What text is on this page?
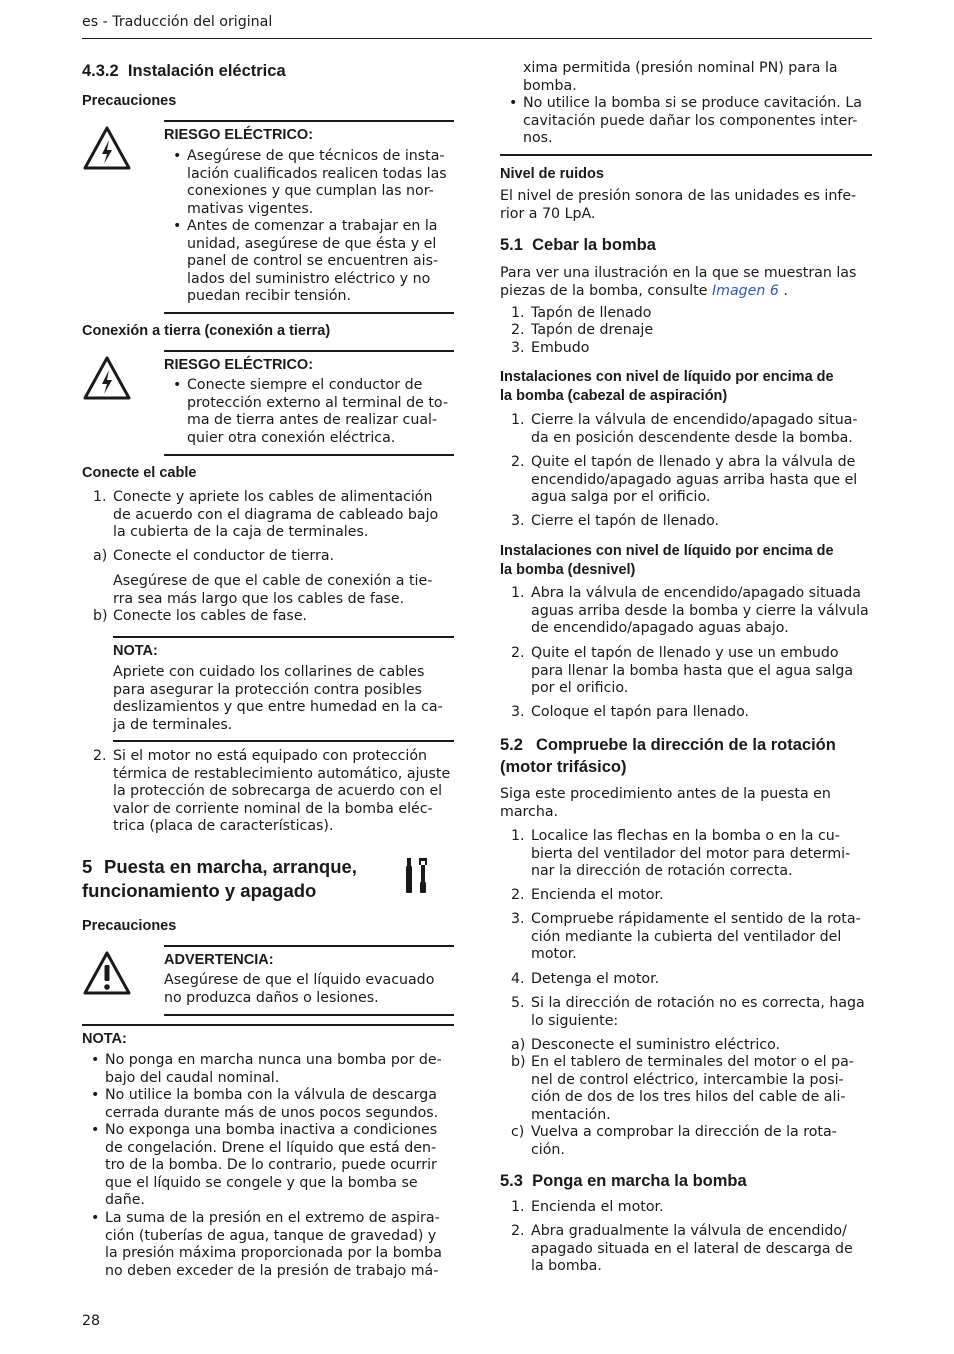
es - Traducción del original
4.3.2 Instalación eléctrica
Precauciones
RIESGO ELÉCTRICO:
• Asegúrese de que técnicos de insta-
lación cualificados realicen todas las
conexiones y que cumplan las nor-
mativas vigentes.
• Antes de comenzar a trabajar en la
unidad, asegúrese de que ésta y el
panel de control se encuentren ais-
lados del suministro eléctrico y no
puedan recibir tensión.
Conexión a tierra (conexión a tierra)
RIESGO ELÉCTRICO:
• Conecte siempre el conductor de
protección externo al terminal de to-
ma de tierra antes de realizar cual-
quier otra conexión eléctrica.
Conecte el cable
1. Conecte y apriete los cables de alimentación
de acuerdo con el diagrama de cableado bajo
la cubierta de la caja de terminales.
a) Conecte el conductor de tierra.
Asegúrese de que el cable de conexión a tie-
rra sea más largo que los cables de fase.
b) Conecte los cables de fase.
NOTA:
Apriete con cuidado los collarines de cables
para asegurar la protección contra posibles
deslizamientos y que entre humedad en la ca-
ja de terminales.
2. Si el motor no está equipado con protección
térmica de restablecimiento automático, ajuste
la protección de sobrecarga de acuerdo con el
valor de corriente nominal de la bomba eléc-
trica (placa de características).
5 Puesta en marcha, arranque,
funcionamiento y apagado
Precauciones
ADVERTENCIA:
Asegúrese de que el líquido evacuado
no produzca daños o lesiones.
NOTA:
• No ponga en marcha nunca una bomba por de-
bajo del caudal nominal.
• No utilice la bomba con la válvula de descarga
cerrada durante más de unos pocos segundos.
• No exponga una bomba inactiva a condiciones
de congelación. Drene el líquido que está den-
tro de la bomba. De lo contrario, puede ocurrir
que el líquido se congele y que la bomba se
dañe.
• La suma de la presión en el extremo de aspira-
ción (tuberías de agua, tanque de gravedad) y
la presión máxima proporcionada por la bomba
no deben exceder de la presión de trabajo má-
28
xima permitida (presión nominal PN) para la
bomba.
• No utilice la bomba si se produce cavitación. La
cavitación puede dañar los componentes inter-
nos.
Nivel de ruidos
El nivel de presión sonora de las unidades es infe-
rior a 70 LpA.
5.1 Cebar la bomba
Para ver una ilustración en la que se muestran las
piezas de la bomba, consulte Imagen 6 .
1. Tapón de llenado
2. Tapón de drenaje
3. Embudo
Instalaciones con nivel de líquido por encima de
la bomba (cabezal de aspiración)
1. Cierre la válvula de encendido/apagado situa-
da en posición descendente desde la bomba.
2. Quite el tapón de llenado y abra la válvula de
encendido/apagado aguas arriba hasta que el
agua salga por el orificio.
3. Cierre el tapón de llenado.
Instalaciones con nivel de líquido por encima de
la bomba (desnivel)
1. Abra la válvula de encendido/apagado situada
aguas arriba desde la bomba y cierre la válvula
de encendido/apagado aguas abajo.
2. Quite el tapón de llenado y use un embudo
para llenar la bomba hasta que el agua salga
por el orificio.
3. Coloque el tapón para llenado.
Compruebe la dirección de la rotación
(motor trifásico)
5.2
Siga este procedimiento antes de la puesta en
marcha.
1. Localice las flechas en la bomba o en la cu-
bierta del ventilador del motor para determi-
nar la dirección de rotación correcta.
2. Encienda el motor.
3. Compruebe rápidamente el sentido de la rota-
ción mediante la cubierta del ventilador del
motor.
4. Detenga el motor.
5. Si la dirección de rotación no es correcta, haga
lo siguiente:
a) Desconecte el suministro eléctrico.
b) En el tablero de terminales del motor o el pa-
nel de control eléctrico, intercambie la posi-
ción de dos de los tres hilos del cable de ali-
mentación.
c) Vuelva a comprobar la dirección de la rota-
ción.
5.3 Ponga en marcha la bomba
1. Encienda el motor.
2. Abra gradualmente la válvula de encendido/
apagado situada en el lateral de descarga de
la bomba.
